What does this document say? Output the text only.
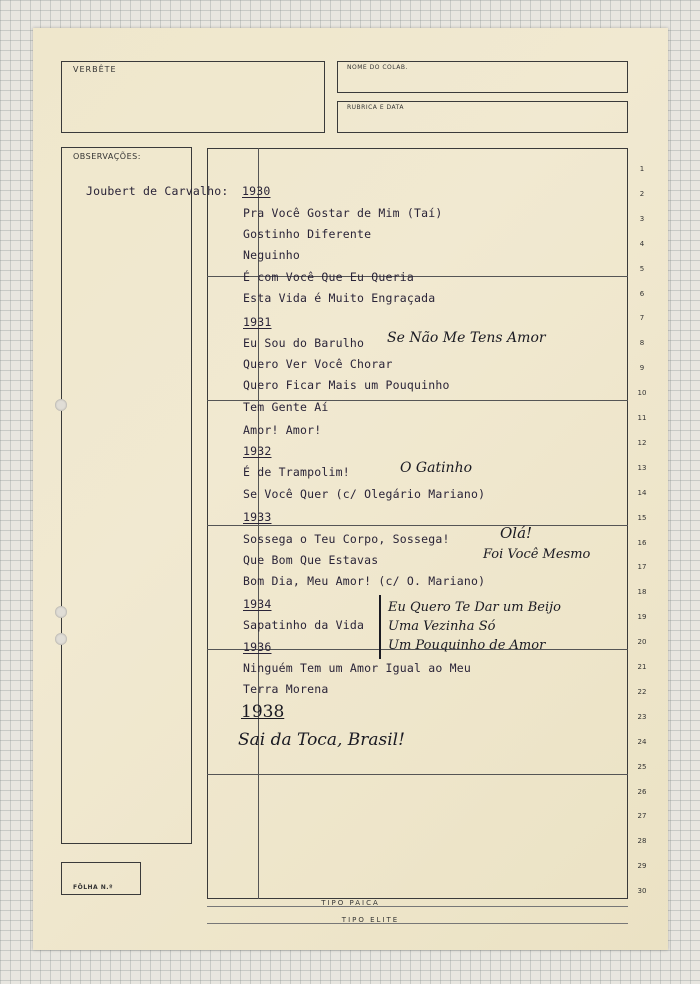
VERBÊTE	NOME DO COLAB.
RUBRICA E DATA
OBSERVAÇÕES:
FÔLHA N.º
TIPO PAICA
TIPO ELITE
1
2
3
4
5
6
7
8
9
10
11
12
13
14
15
16
17
18
19
20
21
22
23
24
25
26
27
28
29
30
Joubert de Carvalho: 1930
Pra Você Gostar de Mim (Taí)
Gostinho Diferente
Neguinho
É com Você Que Eu Queria
Esta Vida é Muito Engraçada
1931
Eu Sou do Barulho
Quero Ver Você Chorar
Quero Ficar Mais um Pouquinho
Tem Gente Aí
Amor! Amor!
1932
É de Trampolim!
Se Você Quer (c/ Olegário Mariano)
1933
Sossega o Teu Corpo, Sossega!
Que Bom Que Estavas
Bom Dia, Meu Amor! (c/ O. Mariano)
1934
Sapatinho da Vida
1936
Ninguém Tem um Amor Igual ao Meu
Terra Morena
Se Não Me Tens Amor
O Gatinho
Olá!
Foi Você Mesmo
Eu Quero Te Dar um Beijo
Uma Vezinha Só
Um Pouquinho de Amor
1938
Sai da Toca, Brasil!
